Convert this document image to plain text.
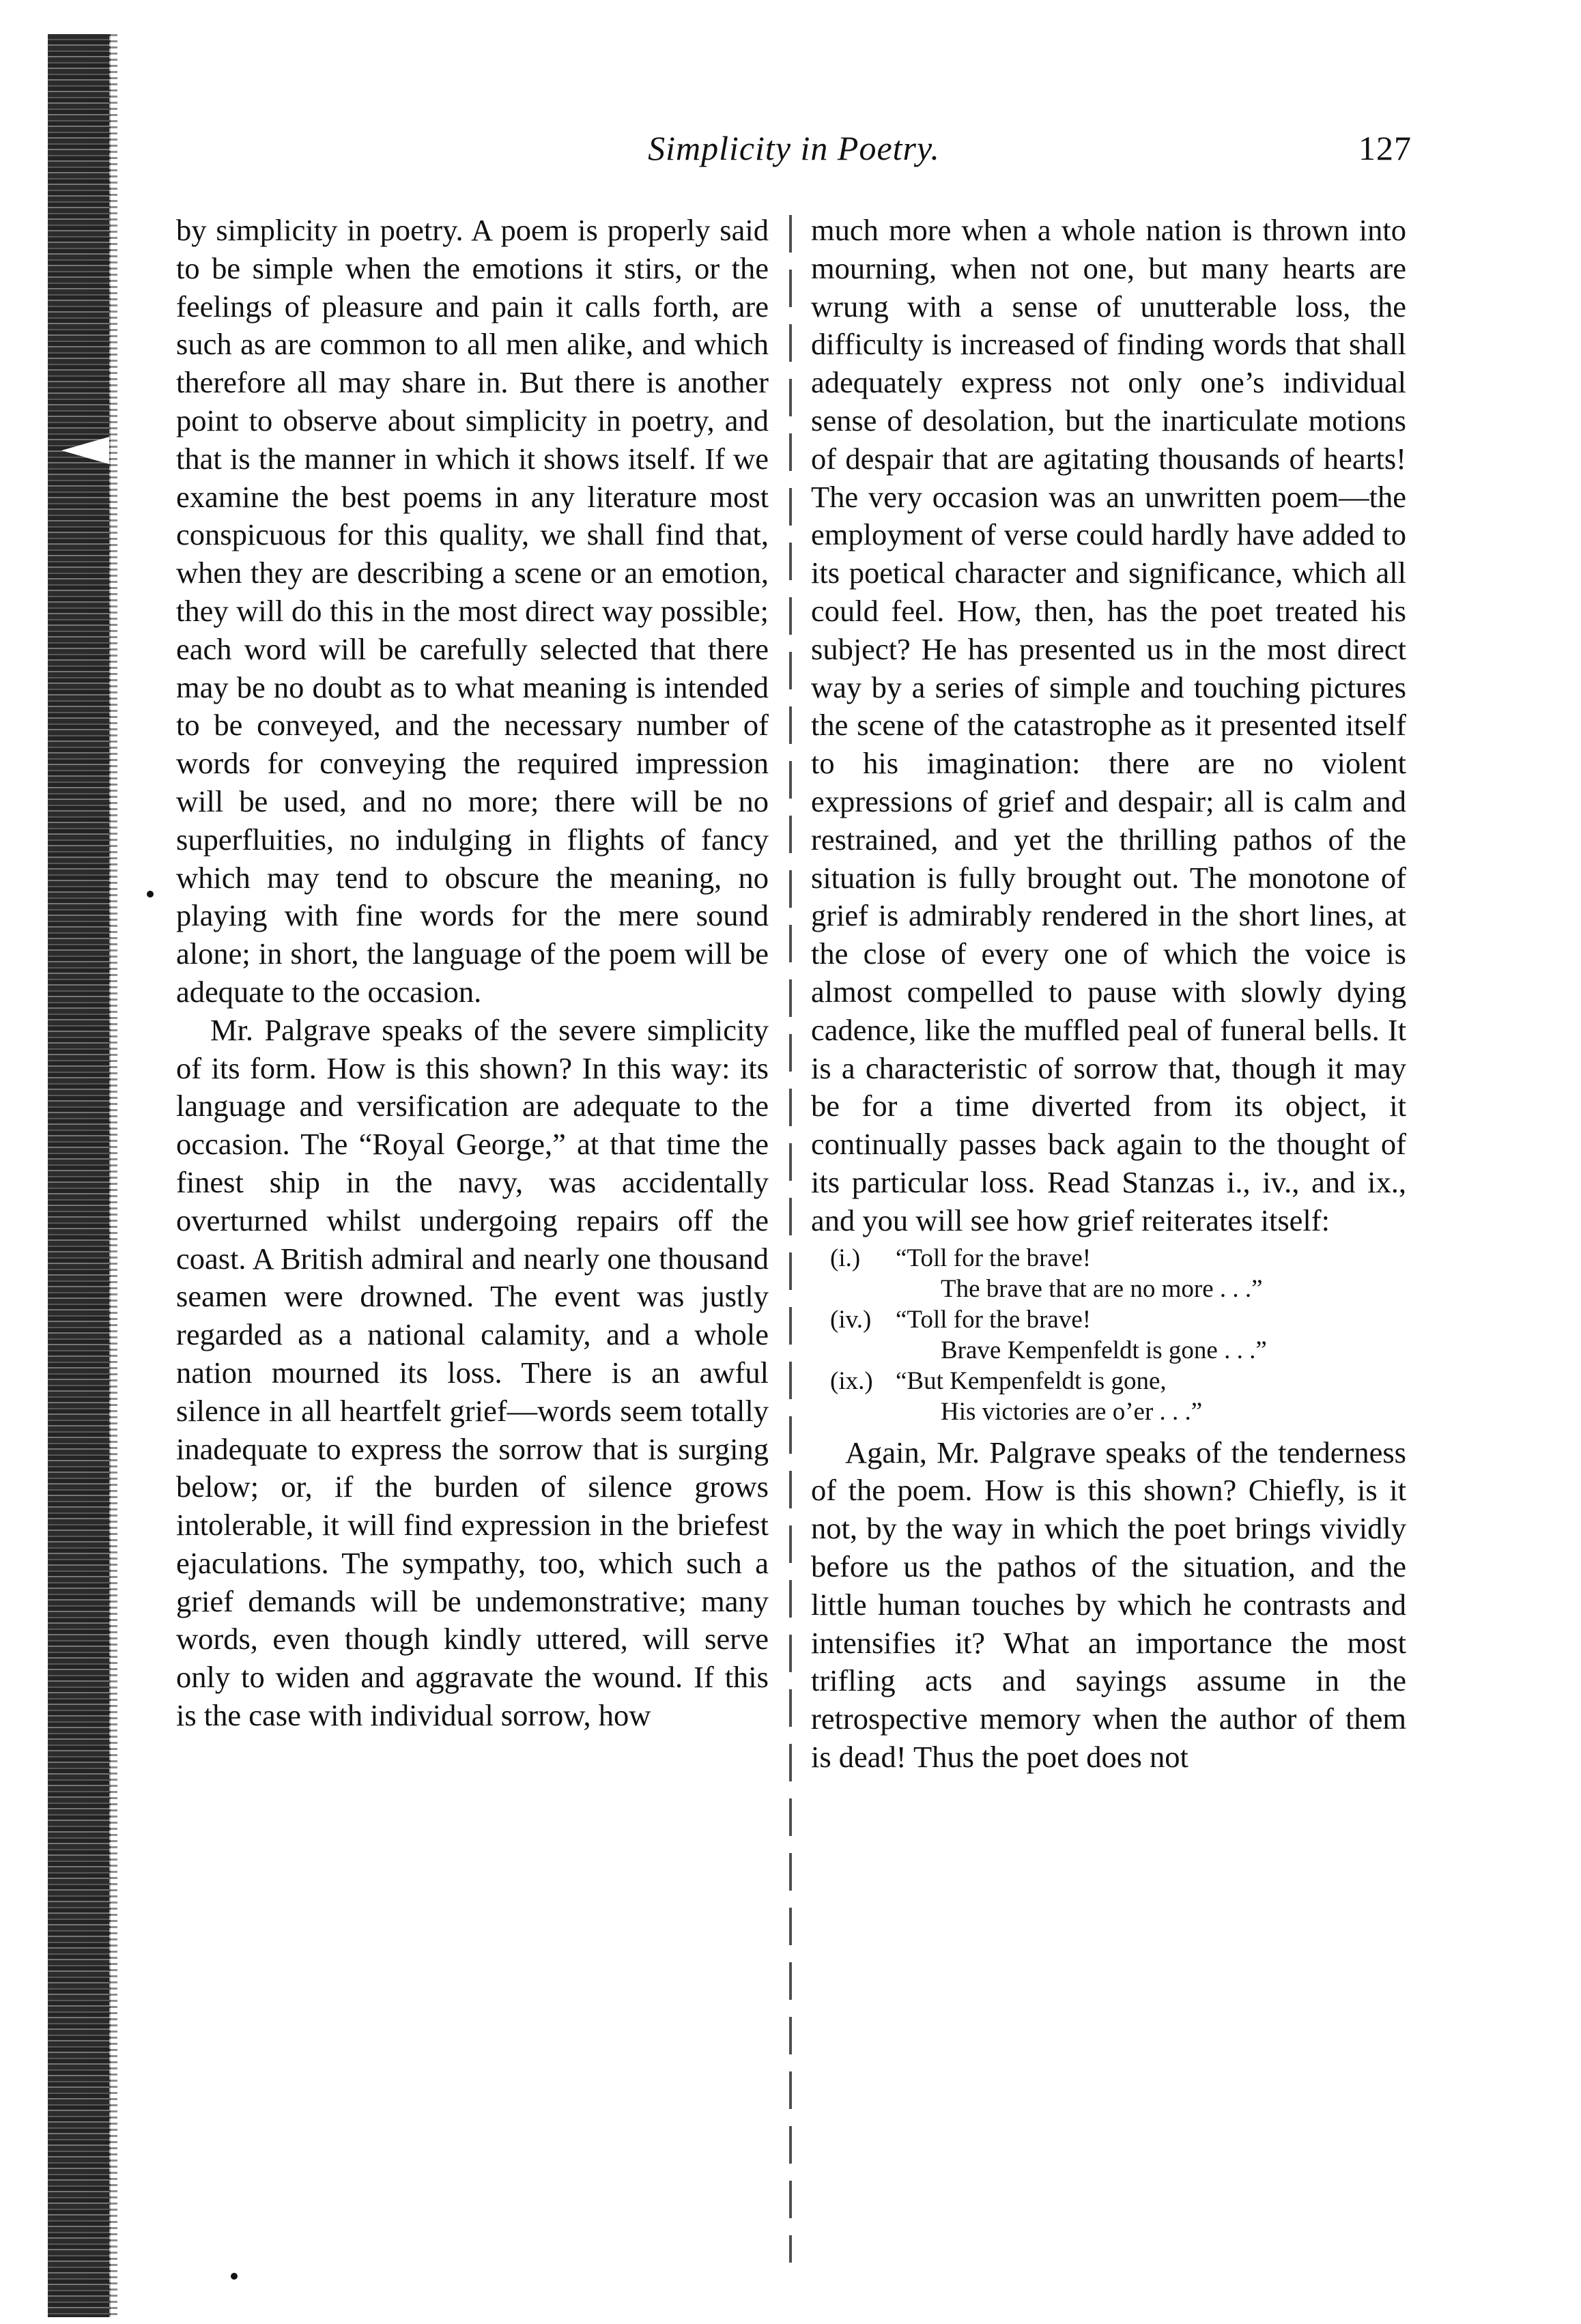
Simplicity in Poetry.	127

by simplicity in poetry. A poem is properly said to be simple when the emotions it stirs, or the feelings of pleasure and pain it calls forth, are such as are common to all men alike, and which therefore all may share in. But there is another point to observe about simplicity in poetry, and that is the manner in which it shows itself. If we examine the best poems in any literature most conspicuous for this quality, we shall find that, when they are describing a scene or an emotion, they will do this in the most direct way possible; each word will be carefully selected that there may be no doubt as to what meaning is intended to be conveyed, and the necessary number of words for conveying the required impression will be used, and no more; there will be no superfluities, no indulging in flights of fancy which may tend to obscure the meaning, no playing with fine words for the mere sound alone; in short, the language of the poem will be adequate to the occasion.

Mr. Palgrave speaks of the severe simplicity of its form. How is this shown? In this way: its language and versification are adequate to the occasion. The “Royal George,” at that time the finest ship in the navy, was accidentally overturned whilst undergoing repairs off the coast. A British admiral and nearly one thousand seamen were drowned. The event was justly regarded as a national calamity, and a whole nation mourned its loss. There is an awful silence in all heartfelt grief—words seem totally inadequate to express the sorrow that is surging below; or, if the burden of silence grows intolerable, it will find expression in the briefest ejaculations. The sympathy, too, which such a grief demands will be undemonstrative; many words, even though kindly uttered, will serve only to widen and aggravate the wound. If this is the case with individual sorrow, how

much more when a whole nation is thrown into mourning, when not one, but many hearts are wrung with a sense of unutterable loss, the difficulty is increased of finding words that shall adequately express not only one’s individual sense of desolation, but the inarticulate motions of despair that are agitating thousands of hearts! The very occasion was an unwritten poem—the employment of verse could hardly have added to its poetical character and significance, which all could feel. How, then, has the poet treated his subject? He has presented us in the most direct way by a series of simple and touching pictures the scene of the catastrophe as it presented itself to his imagination: there are no violent expressions of grief and despair; all is calm and restrained, and yet the thrilling pathos of the situation is fully brought out. The monotone of grief is admirably rendered in the short lines, at the close of every one of which the voice is almost compelled to pause with slowly dying cadence, like the muffled peal of funeral bells. It is a characteristic of sorrow that, though it may be for a time diverted from its object, it continually passes back again to the thought of its particular loss. Read Stanzas i., iv., and ix., and you will see how grief reiterates itself:

(i.)	“Toll for the brave!
The brave that are no more . . .”
(iv.) “Toll for the brave!
Brave Kempenfeldt is gone . . .”
(ix.) “But Kempenfeldt is gone,
His victories are o’er . . .”

Again, Mr. Palgrave speaks of the tenderness of the poem. How is this shown? Chiefly, is it not, by the way in which the poet brings vividly before us the pathos of the situation, and the little human touches by which he contrasts and intensifies it? What an importance the most trifling acts and sayings assume in the retrospective memory when the author of them is dead! Thus the poet does not
